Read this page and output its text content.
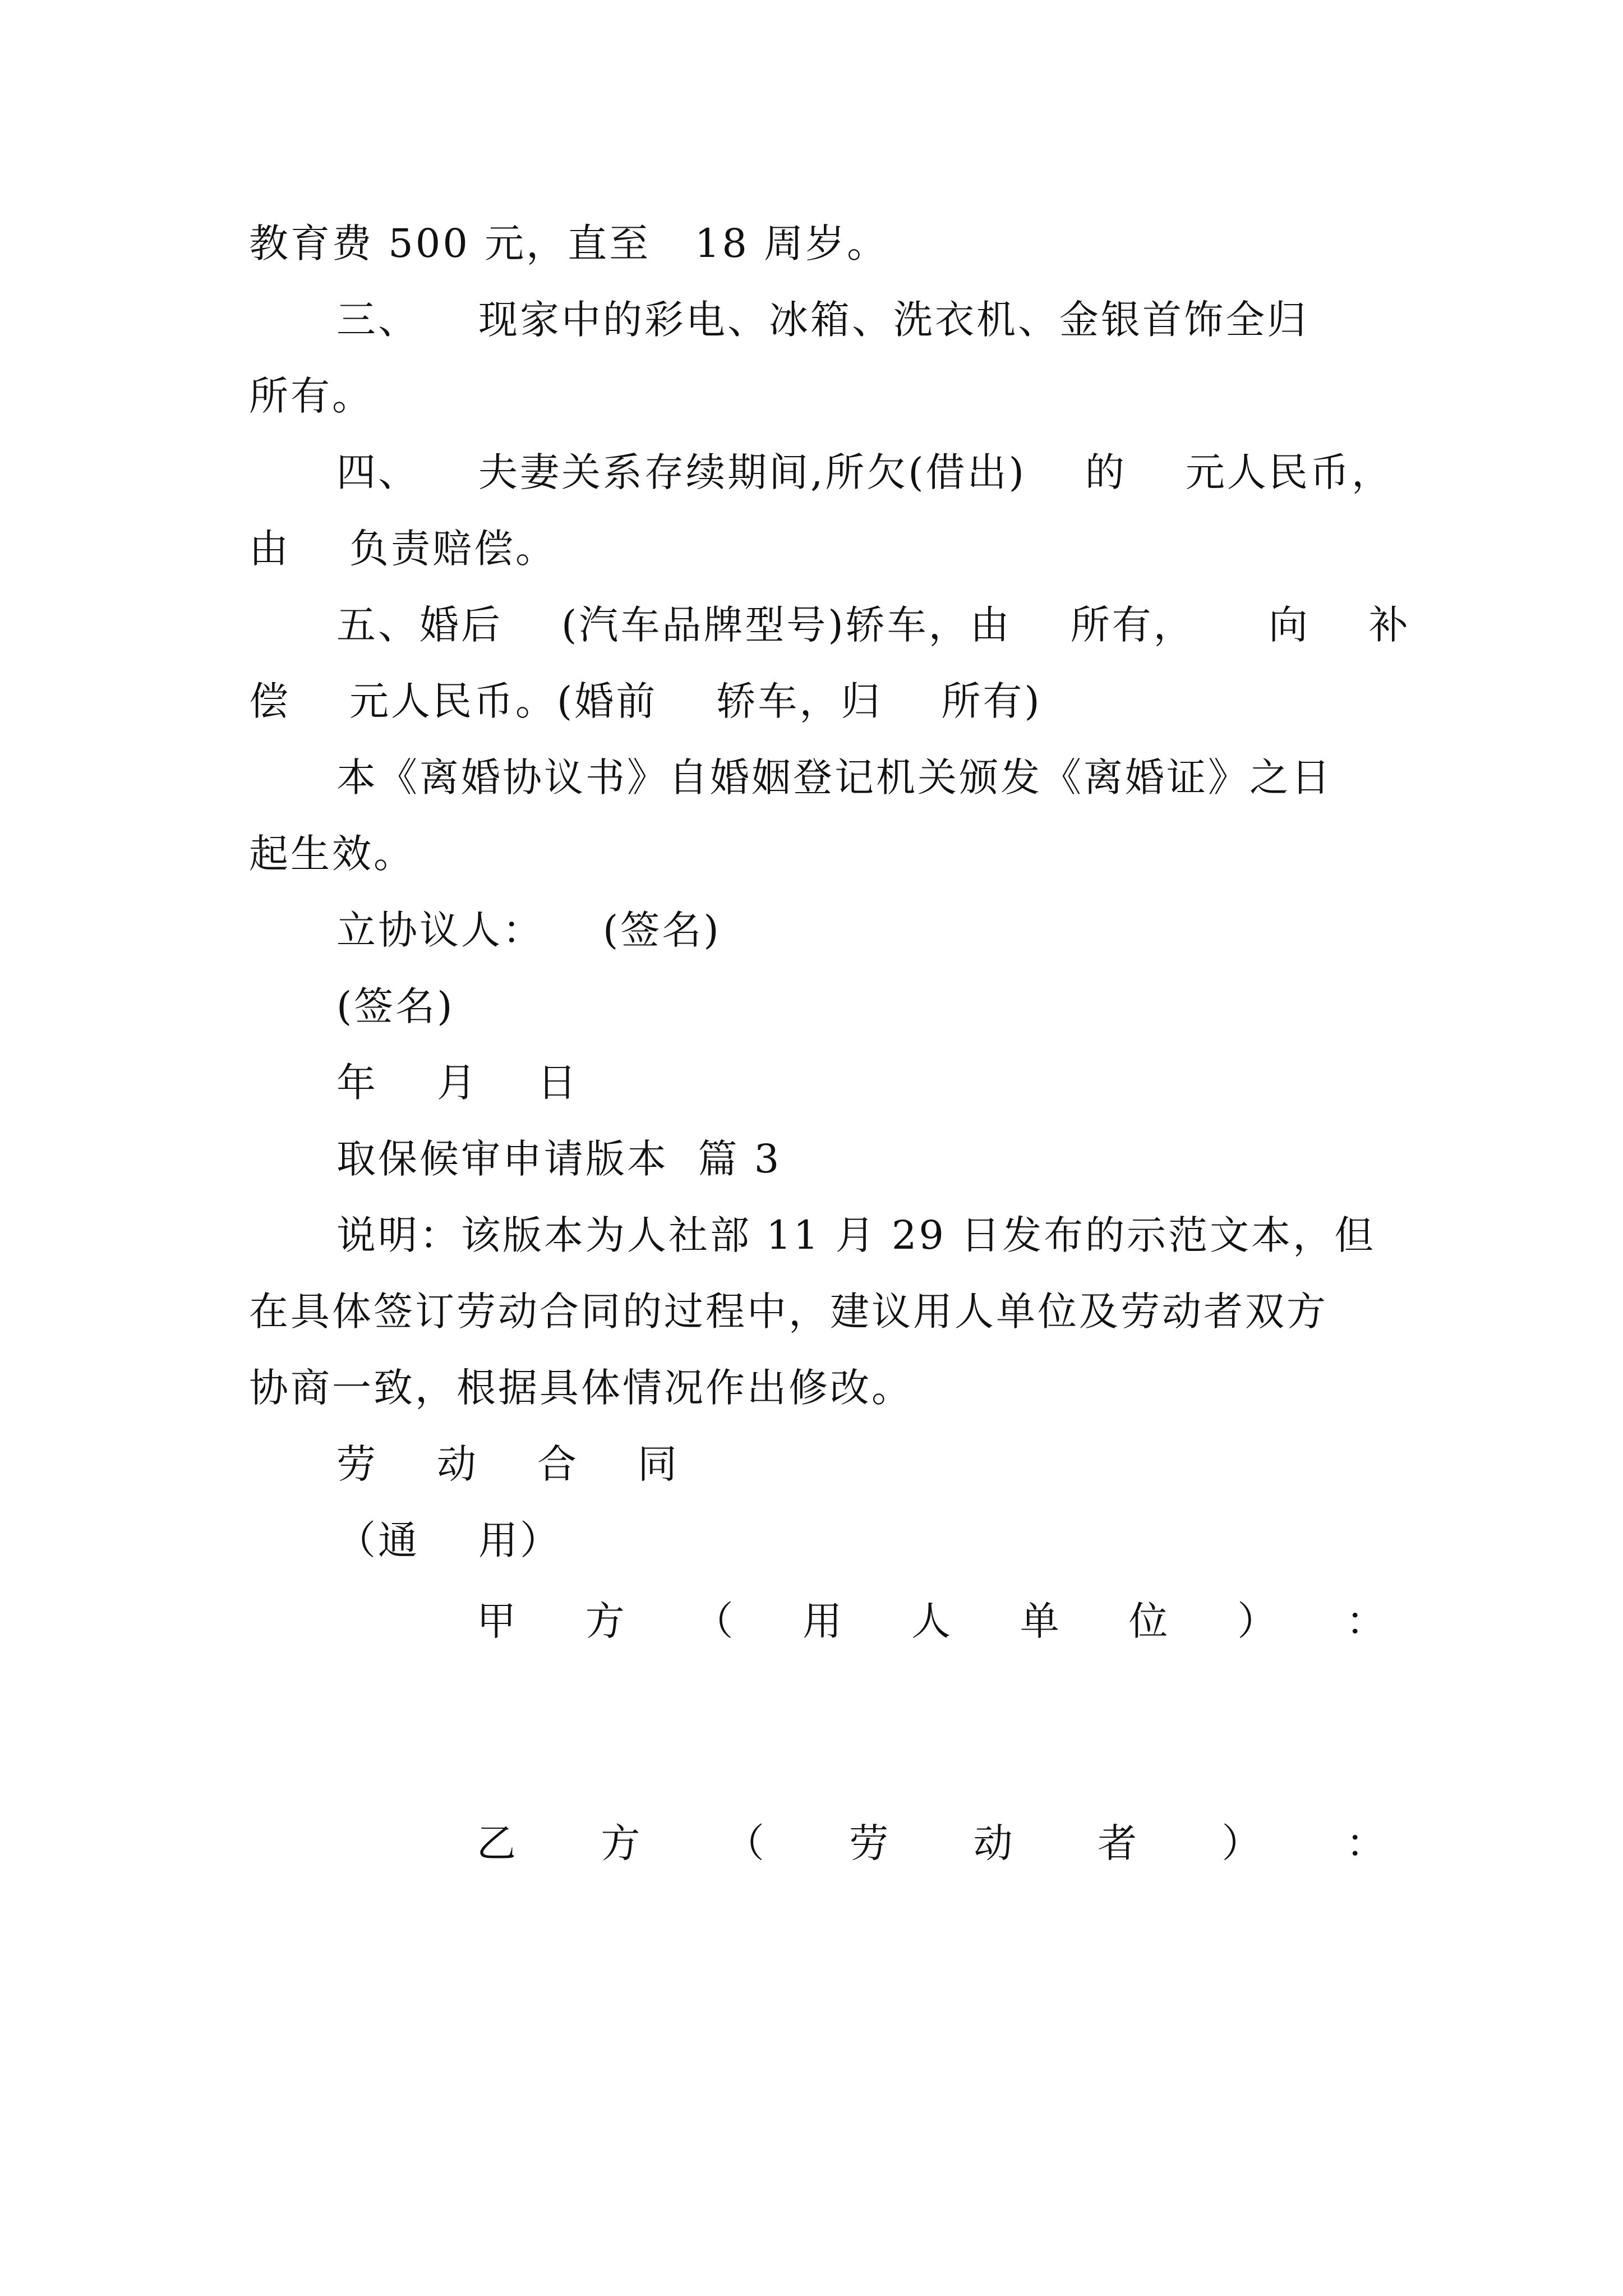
教育费 500 元，直至   18 周岁。
三、    现家中的彩电、冰箱、洗衣机、金银首饰全归
所有。
四、    夫妻关系存续期间,所欠(借出)    的    元人民币，
由    负责赔偿。
五、婚后    (汽车品牌型号)轿车，由    所有，     向    补
偿    元人民币。(婚前    轿车，归    所有)
本《离婚协议书》自婚姻登记机关颁发《离婚证》之日
起生效。
立协议人：    (签名)
(签名)
年    月    日
取保候审申请版本  篇 3
说明：该版本为人社部 11 月 29 日发布的示范文本，但
在具体签订劳动合同的过程中，建议用人单位及劳动者双方
协商一致，根据具体情况作出修改。
劳    动    合    同
（通    用）
甲 方 （ 用 人 单 位 ） ：
乙 方 （ 劳 动 者 ） ：
